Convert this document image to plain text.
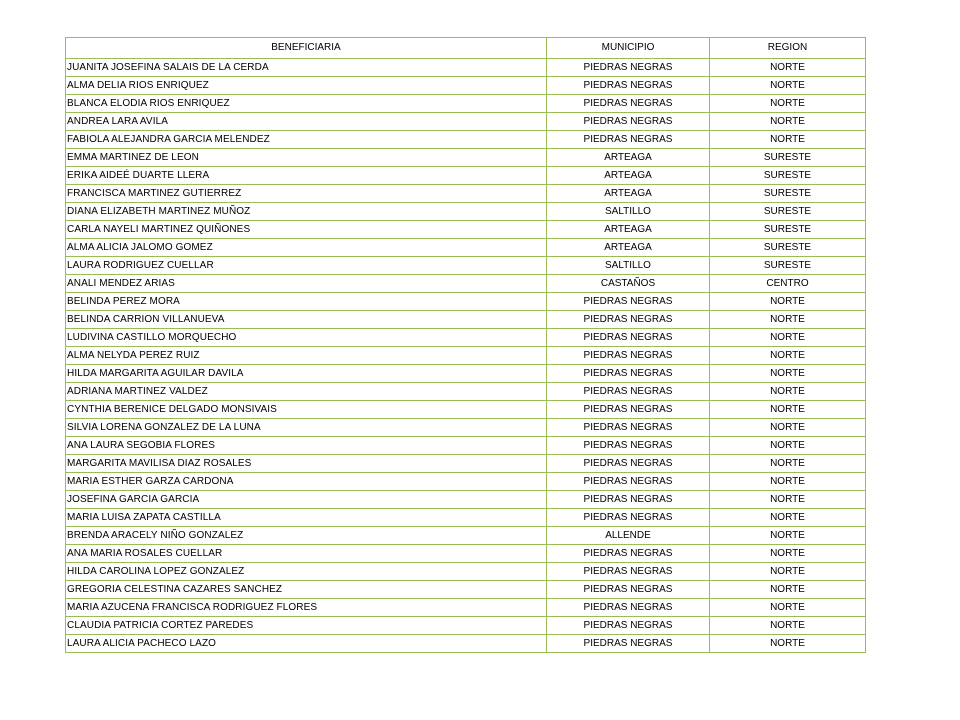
BENEFICIARIA	MUNICIPIO	REGION
JUANITA JOSEFINA SALAIS DE LA CERDA	PIEDRAS NEGRAS	NORTE
ALMA DELIA RIOS ENRIQUEZ	PIEDRAS NEGRAS	NORTE
BLANCA ELODIA RIOS ENRIQUEZ	PIEDRAS NEGRAS	NORTE
ANDREA LARA AVILA	PIEDRAS NEGRAS	NORTE
FABIOLA ALEJANDRA GARCIA MELENDEZ	PIEDRAS NEGRAS	NORTE
EMMA MARTINEZ DE LEON	ARTEAGA	SURESTE
ERIKA AIDEÉ DUARTE LLERA	ARTEAGA	SURESTE
FRANCISCA MARTINEZ GUTIERREZ	ARTEAGA	SURESTE
DIANA ELIZABETH MARTINEZ MUÑOZ	SALTILLO	SURESTE
CARLA NAYELI MARTINEZ QUIÑONES	ARTEAGA	SURESTE
ALMA ALICIA JALOMO GOMEZ	ARTEAGA	SURESTE
LAURA RODRIGUEZ CUELLAR	SALTILLO	SURESTE
ANALI MENDEZ ARIAS	CASTAÑOS	CENTRO
BELINDA PEREZ MORA	PIEDRAS NEGRAS	NORTE
BELINDA CARRION VILLANUEVA	PIEDRAS NEGRAS	NORTE
LUDIVINA CASTILLO MORQUECHO	PIEDRAS NEGRAS	NORTE
ALMA NELYDA PEREZ RUIZ	PIEDRAS NEGRAS	NORTE
HILDA MARGARITA AGUILAR DAVILA	PIEDRAS NEGRAS	NORTE
ADRIANA MARTINEZ VALDEZ	PIEDRAS NEGRAS	NORTE
CYNTHIA BERENICE DELGADO MONSIVAIS	PIEDRAS NEGRAS	NORTE
SILVIA LORENA GONZALEZ DE LA LUNA	PIEDRAS NEGRAS	NORTE
ANA LAURA SEGOBIA FLORES	PIEDRAS NEGRAS	NORTE
MARGARITA MAVILISA DIAZ ROSALES	PIEDRAS NEGRAS	NORTE
MARIA ESTHER GARZA CARDONA	PIEDRAS NEGRAS	NORTE
JOSEFINA GARCIA GARCIA	PIEDRAS NEGRAS	NORTE
MARIA LUISA ZAPATA CASTILLA	PIEDRAS NEGRAS	NORTE
BRENDA ARACELY NIÑO GONZALEZ	ALLENDE	NORTE
ANA MARIA ROSALES CUELLAR	PIEDRAS NEGRAS	NORTE
HILDA CAROLINA LOPEZ GONZALEZ	PIEDRAS NEGRAS	NORTE
GREGORIA CELESTINA CAZARES SANCHEZ	PIEDRAS NEGRAS	NORTE
MARIA AZUCENA FRANCISCA RODRIGUEZ FLORES	PIEDRAS NEGRAS	NORTE
CLAUDIA PATRICIA CORTEZ PAREDES	PIEDRAS NEGRAS	NORTE
LAURA ALICIA PACHECO LAZO	PIEDRAS NEGRAS	NORTE
